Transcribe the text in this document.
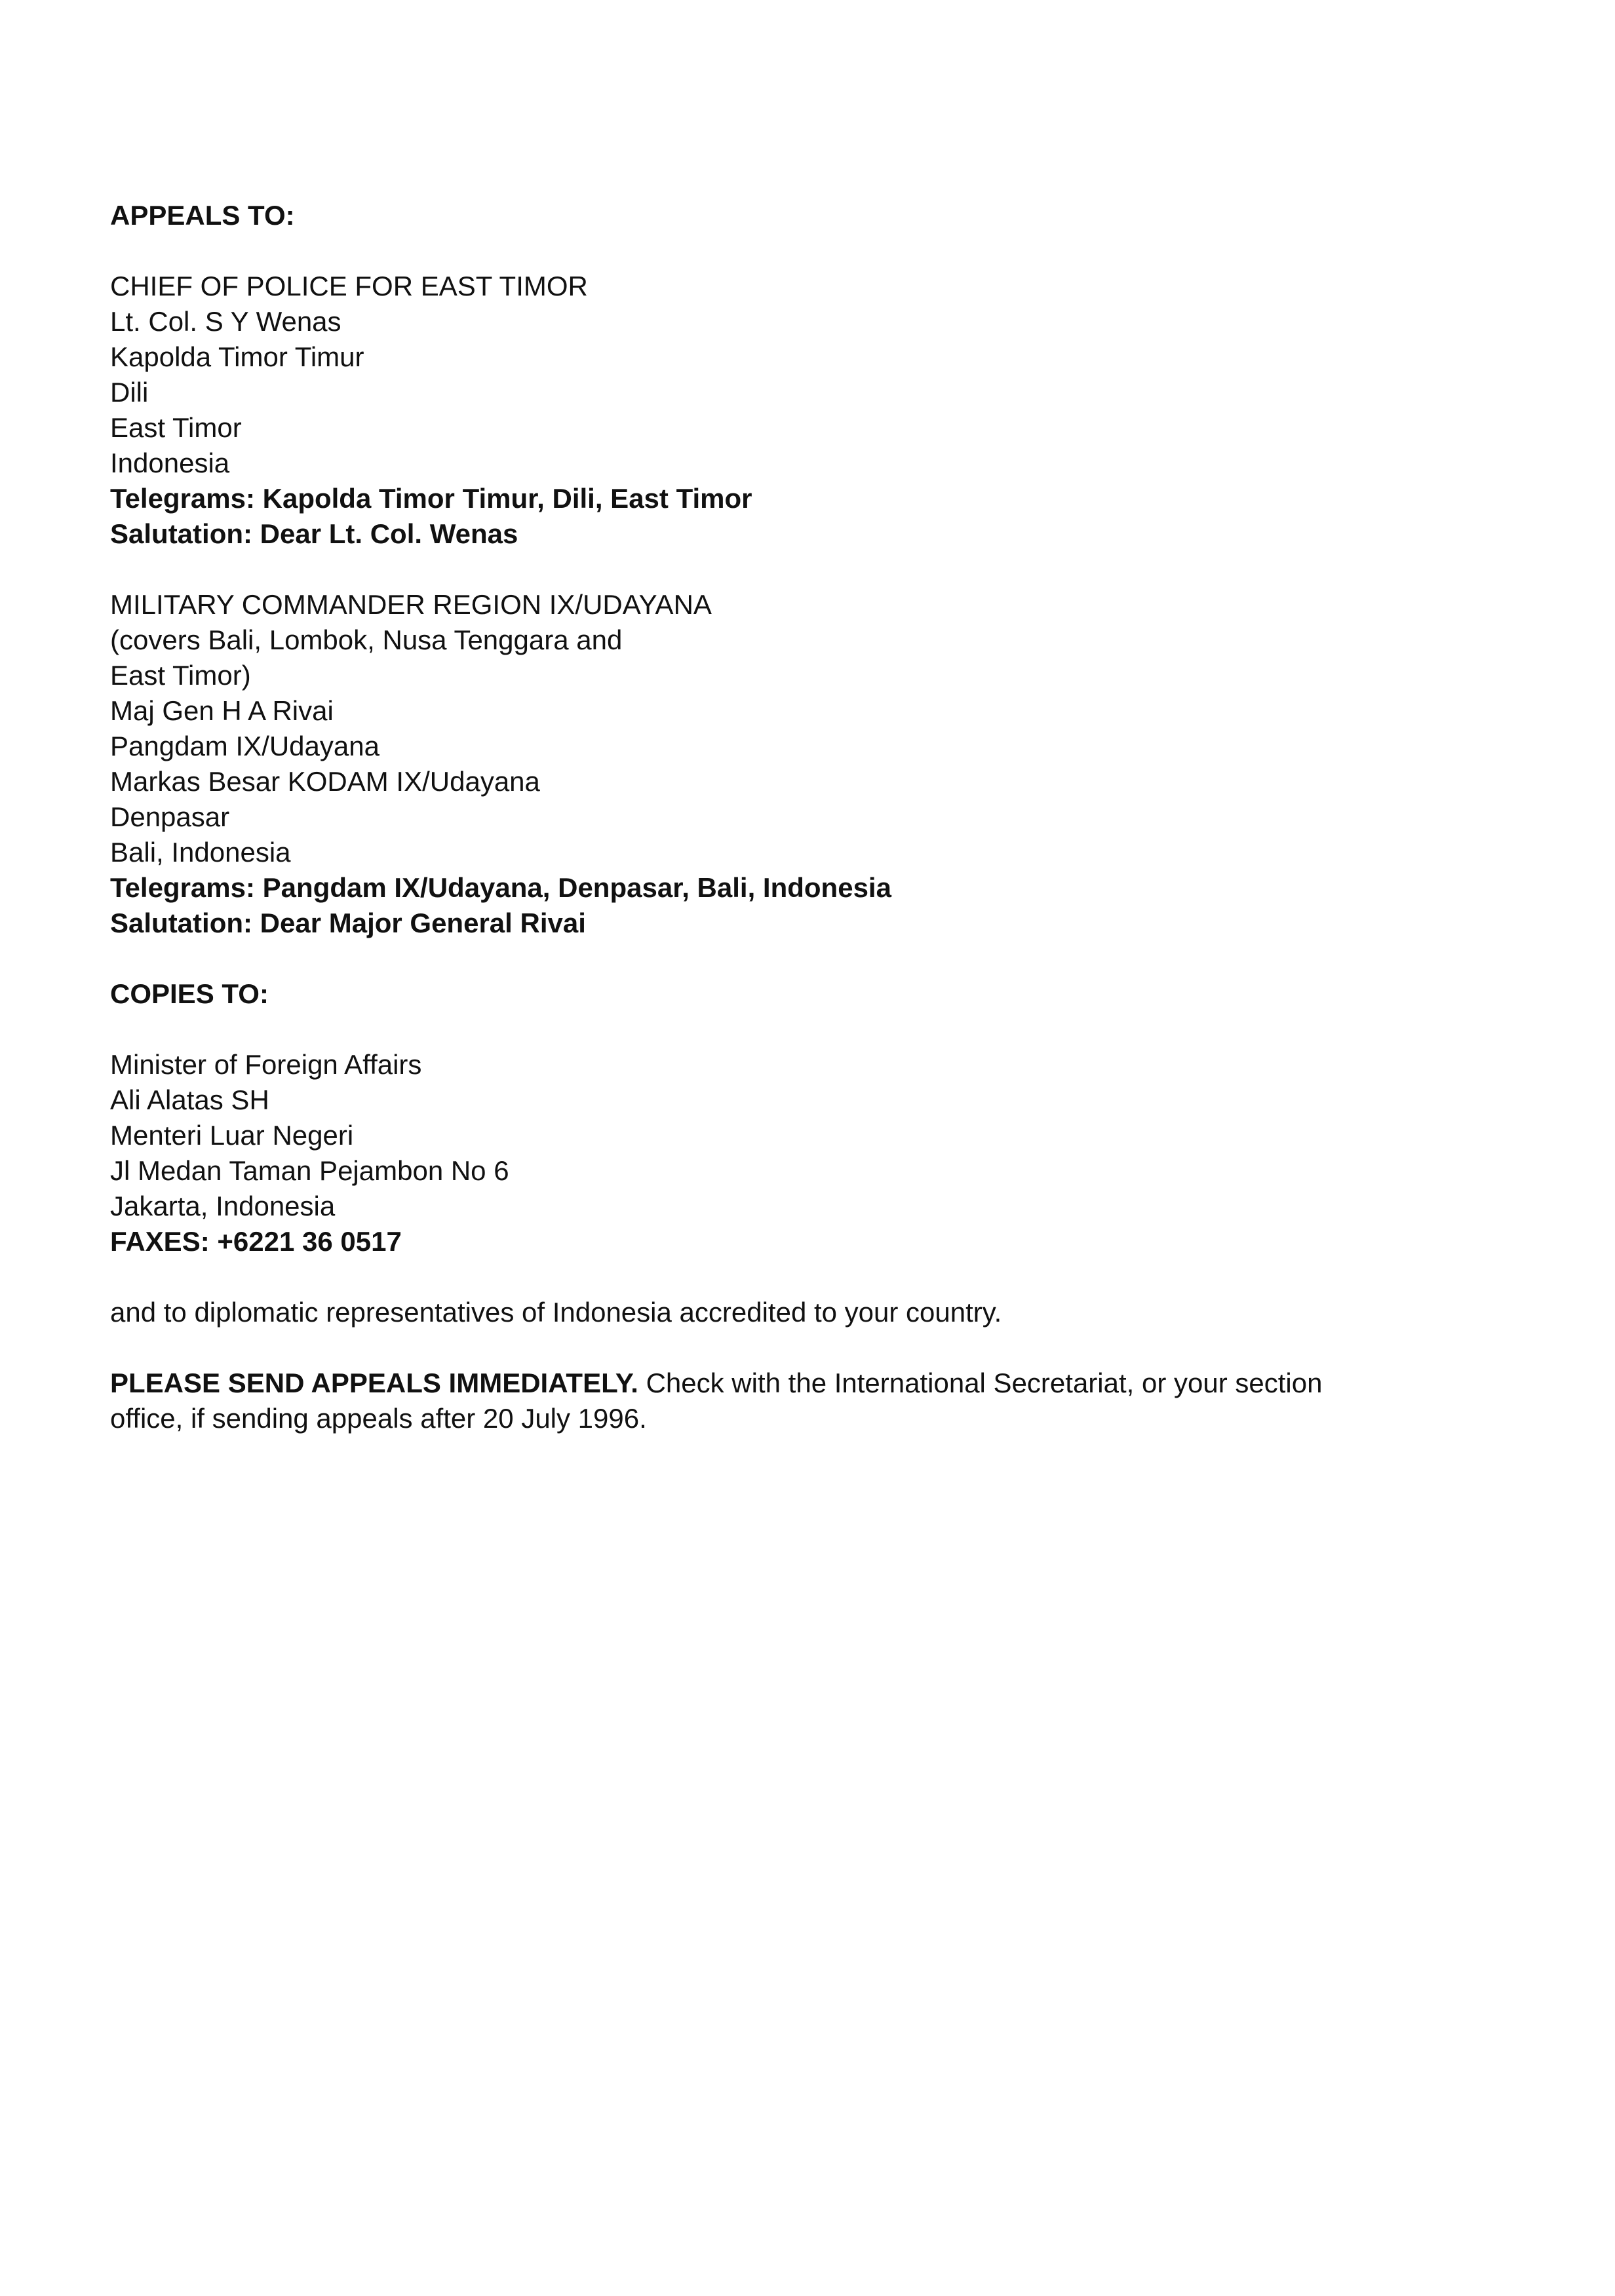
APPEALS TO:
CHIEF OF POLICE FOR EAST TIMOR
Lt. Col. S Y Wenas
Kapolda Timor Timur
Dili
East Timor
Indonesia
Telegrams: Kapolda Timor Timur, Dili, East Timor
Salutation: Dear Lt. Col. Wenas
MILITARY COMMANDER REGION IX/UDAYANA
(covers Bali, Lombok, Nusa Tenggara and
East Timor)
Maj Gen H A Rivai
Pangdam IX/Udayana
Markas Besar KODAM IX/Udayana
Denpasar
Bali, Indonesia
Telegrams: Pangdam IX/Udayana, Denpasar, Bali, Indonesia
Salutation: Dear Major General Rivai
COPIES TO:
Minister of Foreign Affairs
Ali Alatas SH
Menteri Luar Negeri
Jl Medan Taman Pejambon No 6
Jakarta, Indonesia
FAXES: +6221 36 0517
and to diplomatic representatives of Indonesia accredited to your country.
PLEASE SEND APPEALS IMMEDIATELY. Check with the International Secretariat, or your section
office, if sending appeals after 20 July 1996.
